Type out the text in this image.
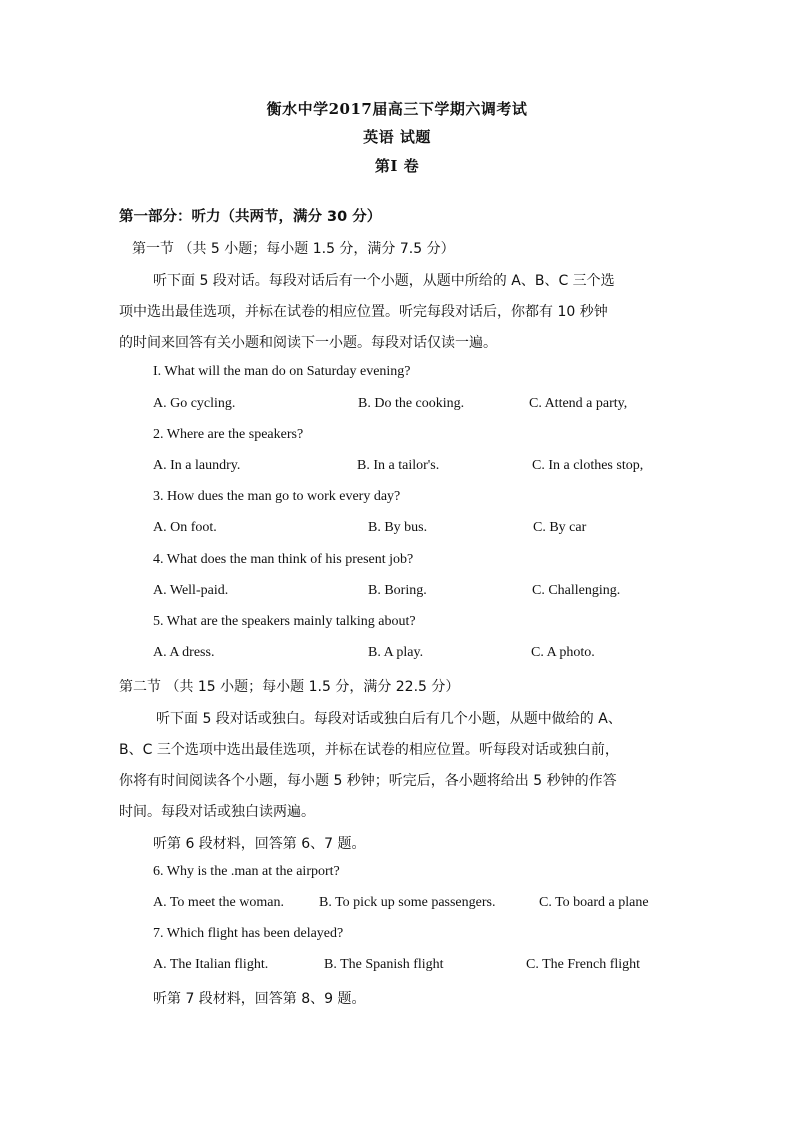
衡水中学2017届高三下学期六调考试
英语 试题
第I 卷
第一部分：听力（共两节，满分 30 分）
第一节 （共 5 小题；每小题 1.5 分，满分 7.5 分）
听下面 5 段对话。每段对话后有一个小题，从题中所给的 A、B、C 三个选
项中选出最佳选项，并标在试卷的相应位置。听完每段对话后，你都有 10 秒钟
的时间来回答有关小题和阅读下一小题。每段对话仅读一遍。
I. What will the man do on Saturday evening?
A. Go cycling.	B. Do the cooking.	C. Attend a party,
2. Where are the speakers?
A. In a laundry.	B. In a tailor's.	C. In a clothes stop,
3. How dues the man go to work every day?
A. On foot.	B. By bus.	C. By car
4. What does the man think of his present job?
A. Well-paid.	B. Boring.	C. Challenging.
5. What are the speakers mainly talking about?
A. A dress.	B. A play.	C. A photo.
第二节 （共 15 小题；每小题 1.5 分，满分 22.5 分）
听下面 5 段对话或独白。每段对话或独白后有几个小题，从题中做给的 A、
B、C 三个选项中选出最佳选项，并标在试卷的相应位置。听每段对话或独白前，
你将有时间阅读各个小题，每小题 5 秒钟；听完后，各小题将给出 5 秒钟的作答
时间。每段对话或独白读两遍。
听第 6 段材料，回答第 6、7 题。
6. Why is the .man at the airport?
A. To meet the woman.	B. To pick up some passengers.	C. To board a plane
7. Which flight has been delayed?
A. The Italian flight.	B. The Spanish flight	C. The French flight
听第 7 段材料，回答第 8、9 题。
